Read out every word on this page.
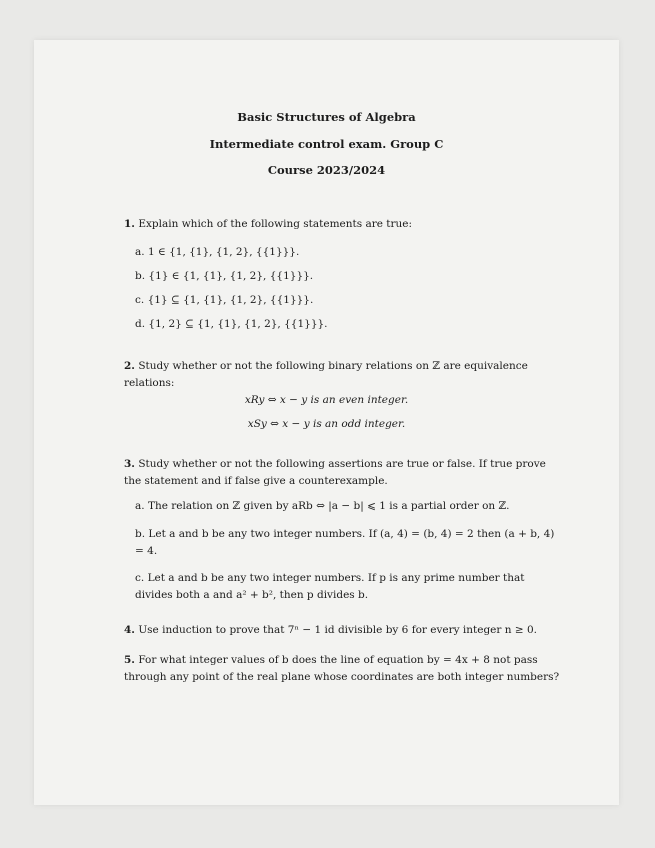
Basic Structures of Algebra
Intermediate control exam. Group C
Course 2023/2024
1. Explain which of the following statements are true:
a. 1 ∈ {1, {1}, {1, 2}, {{1}}}.
b. {1} ∈ {1, {1}, {1, 2}, {{1}}}.
c. {1} ⊆ {1, {1}, {1, 2}, {{1}}}.
d. {1, 2} ⊆ {1, {1}, {1, 2}, {{1}}}.
2. Study whether or not the following binary relations on ℤ are equivalence relations:
xRy ⇔ x − y is an even integer.
xSy ⇔ x − y is an odd integer.
3. Study whether or not the following assertions are true or false. If true prove the statement and if false give a counterexample.
a. The relation on ℤ given by aRb ⇔ |a − b| ⩽ 1 is a partial order on ℤ.
b. Let a and b be any two integer numbers. If (a, 4) = (b, 4) = 2 then (a + b, 4) = 4.
c. Let a and b be any two integer numbers. If p is any prime number that divides both a and a² + b², then p divides b.
4. Use induction to prove that 7ⁿ − 1 id divisible by 6 for every integer n ≥ 0.
5. For what integer values of b does the line of equation by = 4x + 8 not pass through any point of the real plane whose coordinates are both integer numbers?
